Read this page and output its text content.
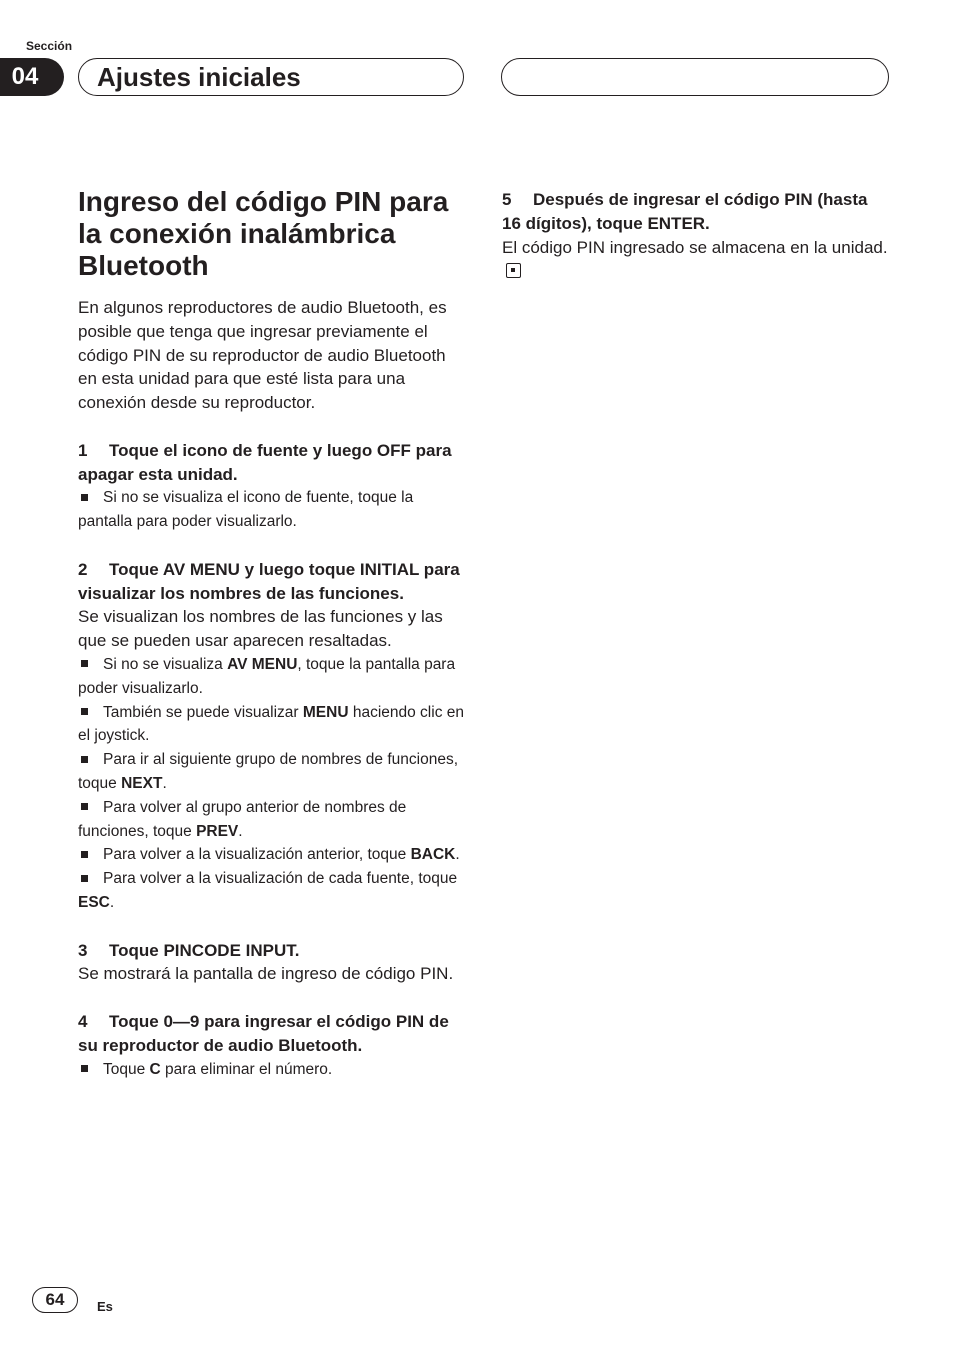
Sección
04	Ajustes iniciales
Ingreso del código PIN para la conexión inalámbrica Bluetooth

En algunos reproductores de audio Bluetooth, es posible que tenga que ingresar previamente el código PIN de su reproductor de audio Bluetooth en esta unidad para que esté lista para una conexión desde su reproductor.

1 Toque el icono de fuente y luego OFF para apagar esta unidad.

Si no se visualiza el icono de fuente, toque la pantalla para poder visualizarlo.

2 Toque AV MENU y luego toque INITIAL para visualizar los nombres de las funciones.

Se visualizan los nombres de las funciones y las que se pueden usar aparecen resaltadas.

Si no se visualiza AV MENU, toque la pantalla para poder visualizarlo.

También se puede visualizar MENU haciendo clic en el joystick.

Para ir al siguiente grupo de nombres de funciones, toque NEXT.

Para volver al grupo anterior de nombres de funciones, toque PREV.

Para volver a la visualización anterior, toque BACK.

Para volver a la visualización de cada fuente, toque ESC.

3 Toque PINCODE INPUT.

Se mostrará la pantalla de ingreso de código PIN.

4 Toque 0—9 para ingresar el código PIN de su reproductor de audio Bluetooth.

Toque C para eliminar el número.

5 Después de ingresar el código PIN (hasta 16 dígitos), toque ENTER.

El código PIN ingresado se almacena en la unidad.

64	Es
